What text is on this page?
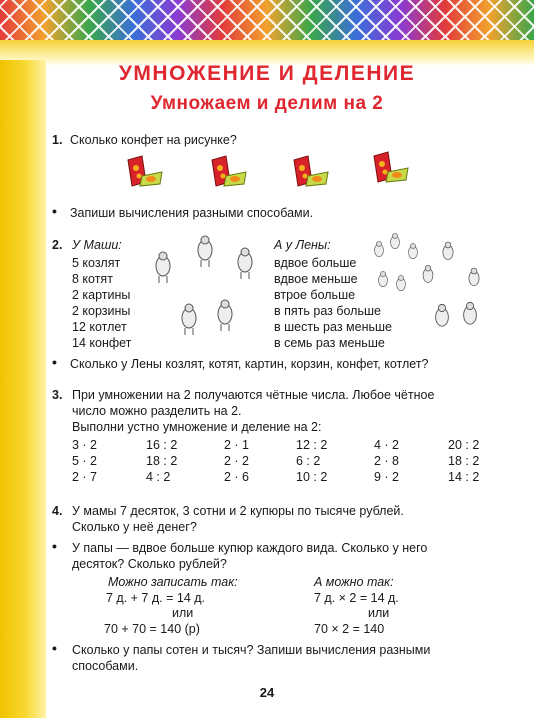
УМНОЖЕНИЕ И ДЕЛЕНИЕ
Умножаем и делим на 2
1. Сколько конфет на рисунке?
• Запиши вычисления разными способами.
2. У Маши:	А у Лены:
5 козлят
8 котят
2 картины
2 корзины
12 котлет
14 конфет
вдвое больше
вдвое меньше
втрое больше
в пять раз больше
в шесть раз меньше
в семь раз меньше
• Сколько у Лены козлят, котят, картин, корзин, конфет, котлет?
3. При умножении на 2 получаются чётные числа. Любое чётное
число можно разделить на 2.
Выполни устно умножение и деление на 2:
3 · 2
5 · 2
2 · 7
16 : 2
18 : 2
4 : 2
2 · 1
2 · 2
2 · 6
12 : 2
6 : 2
10 : 2
4 · 2
2 · 8
9 · 2
20 : 2
18 : 2
14 : 2
4. У мамы 7 десяток, 3 сотни и 2 купюры по тысяче рублей.
Сколько у неё денег?
• У папы — вдвое больше купюр каждого вида. Сколько у него
десяток? Сколько рублей?
Можно записать так:
7 д. + 7 д. = 14 д.
или
70 + 70 = 140 (р)
А можно так:
7 д. × 2 = 14 д.
или
70 × 2 = 140
• Сколько у папы сотен и тысяч? Запиши вычисления разными
способами.
24
